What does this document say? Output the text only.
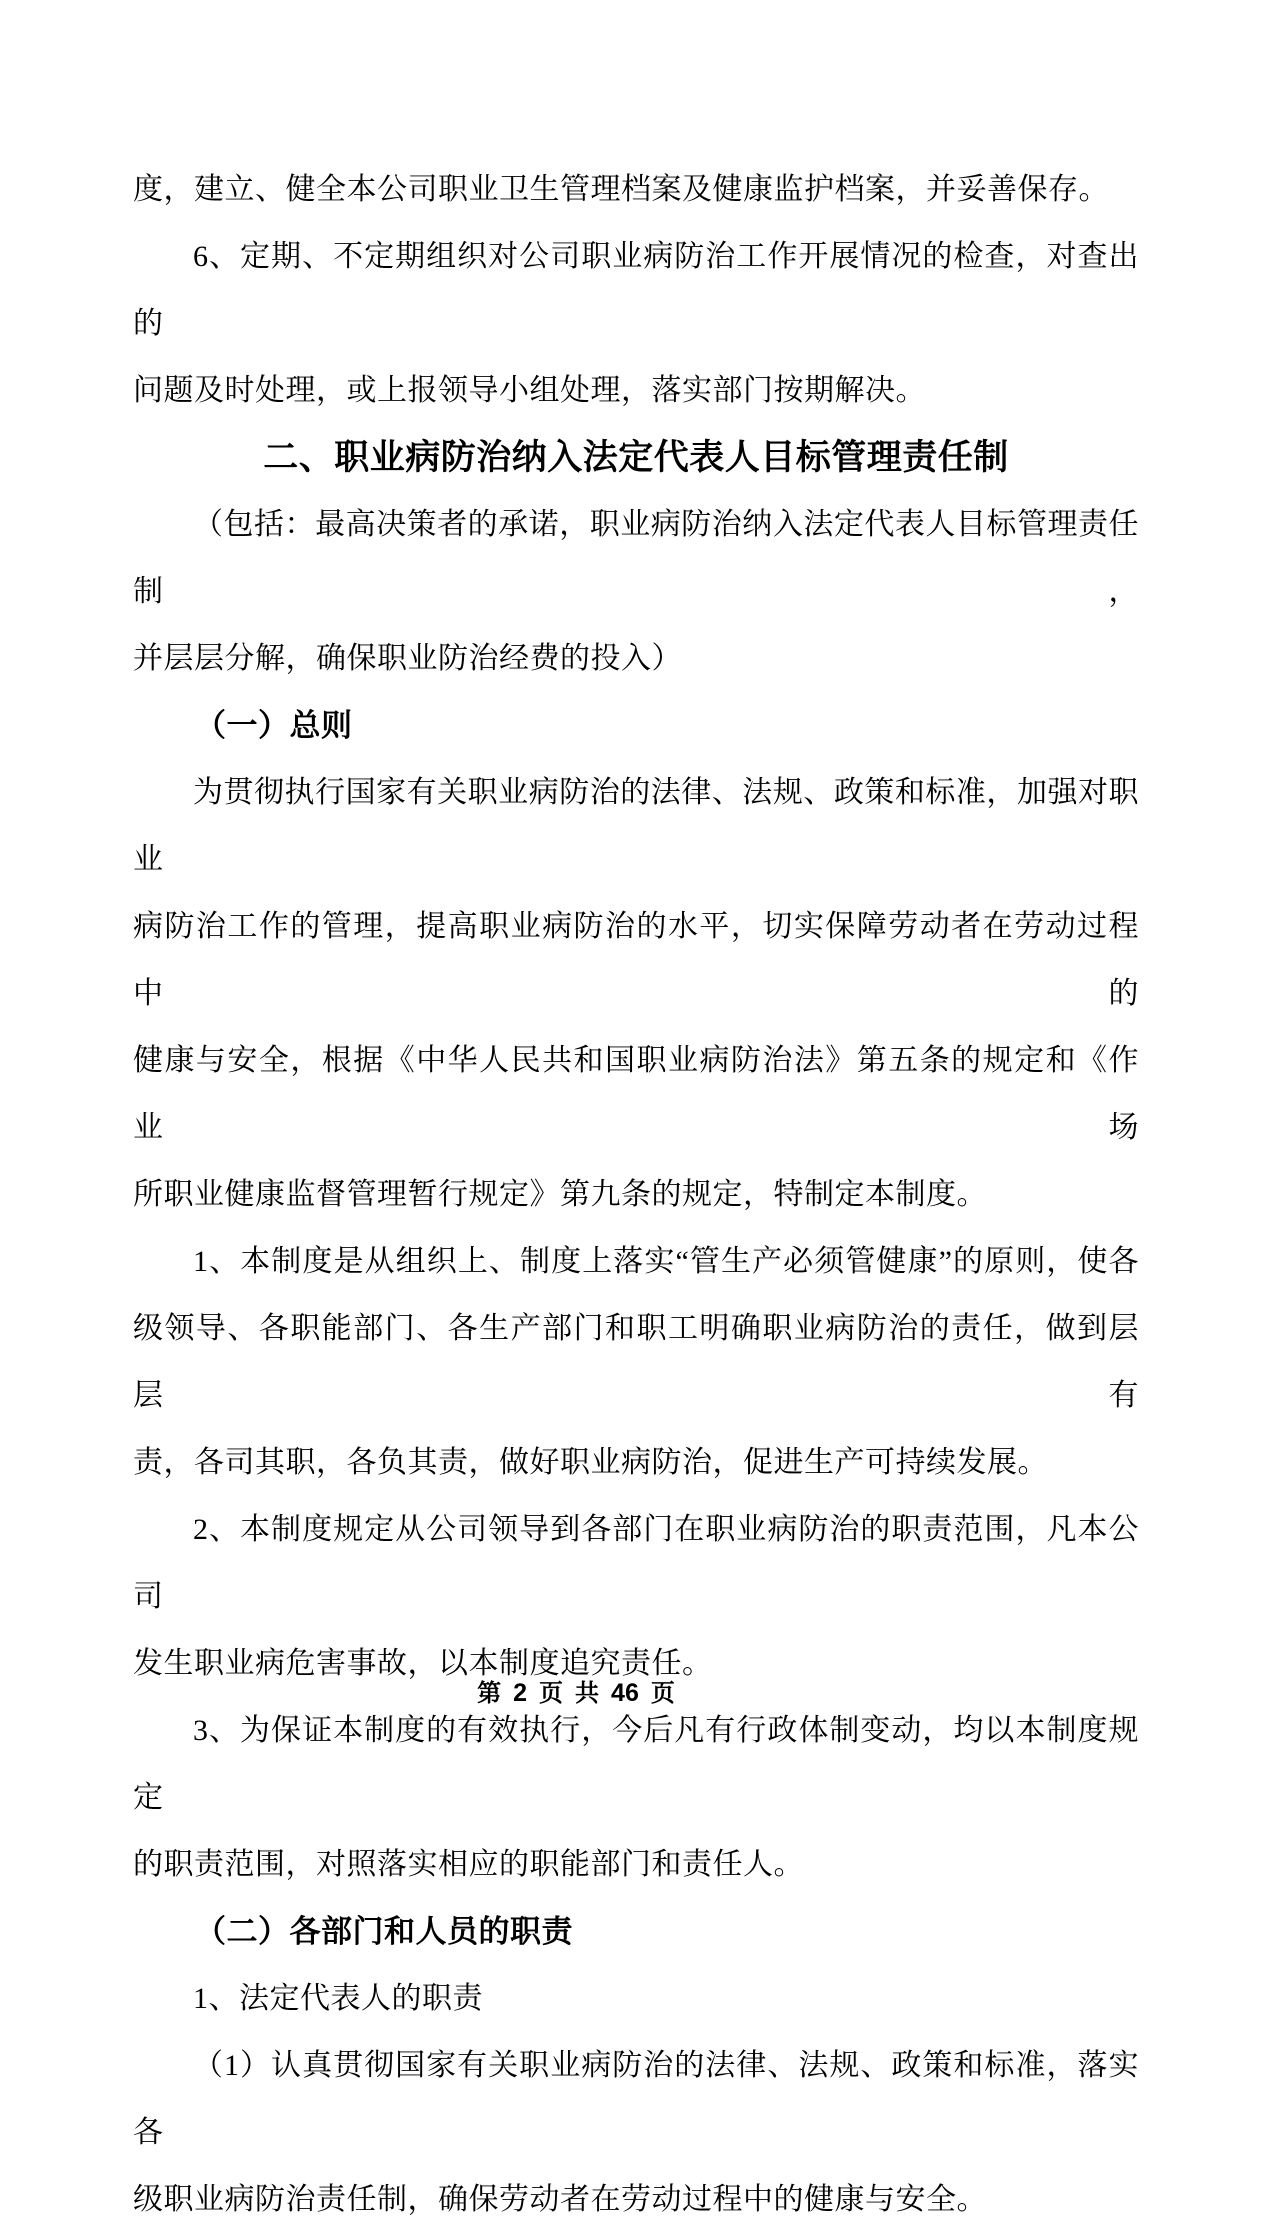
度，建立、健全本公司职业卫生管理档案及健康监护档案，并妥善保存。
6、定期、不定期组织对公司职业病防治工作开展情况的检查，对查出的
问题及时处理，或上报领导小组处理，落实部门按期解决。
二、职业病防治纳入法定代表人目标管理责任制
（包括：最高决策者的承诺，职业病防治纳入法定代表人目标管理责任制，
并层层分解，确保职业防治经费的投入）
（一）总则
为贯彻执行国家有关职业病防治的法律、法规、政策和标准，加强对职业
病防治工作的管理，提高职业病防治的水平，切实保障劳动者在劳动过程中的
健康与安全，根据《中华人民共和国职业病防治法》第五条的规定和《作业场
所职业健康监督管理暂行规定》第九条的规定，特制定本制度。
1、本制度是从组织上、制度上落实“管生产必须管健康”的原则，使各
级领导、各职能部门、各生产部门和职工明确职业病防治的责任，做到层层有
责，各司其职，各负其责，做好职业病防治，促进生产可持续发展。
2、本制度规定从公司领导到各部门在职业病防治的职责范围，凡本公司
发生职业病危害事故，以本制度追究责任。
3、为保证本制度的有效执行，今后凡有行政体制变动，均以本制度规定
的职责范围，对照落实相应的职能部门和责任人。
（二）各部门和人员的职责
1、法定代表人的职责
（1）认真贯彻国家有关职业病防治的法律、法规、政策和标准，落实各
级职业病防治责任制，确保劳动者在劳动过程中的健康与安全。
第 2 页 共 46 页
